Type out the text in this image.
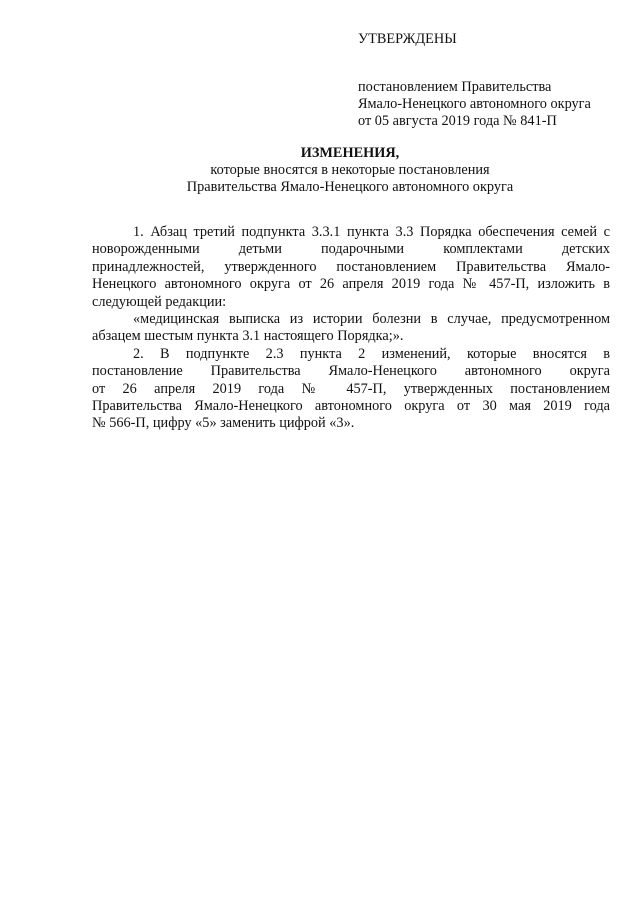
УТВЕРЖДЕНЫ
постановлением Правительства
Ямало-Ненецкого автономного округа
от 05 августа 2019 года № 841-П
ИЗМЕНЕНИЯ,
которые вносятся в некоторые постановления
Правительства Ямало-Ненецкого автономного округа
1. Абзац третий подпункта 3.3.1 пункта 3.3 Порядка обеспечения семей с
новорожденными детьми подарочными комплектами детских
принадлежностей, утвержденного постановлением Правительства Ямало-
Ненецкого автономного округа от 26 апреля 2019 года № 457-П, изложить в
следующей редакции:
«медицинская выписка из истории болезни в случае, предусмотренном
абзацем шестым пункта 3.1 настоящего Порядка;».
2. В подпункте 2.3 пункта 2 изменений, которые вносятся в
постановление Правительства Ямало-Ненецкого автономного округа
от 26 апреля 2019 года № 457-П, утвержденных постановлением
Правительства Ямало-Ненецкого автономного округа от 30 мая 2019 года
№ 566-П, цифру «5» заменить цифрой «3».
